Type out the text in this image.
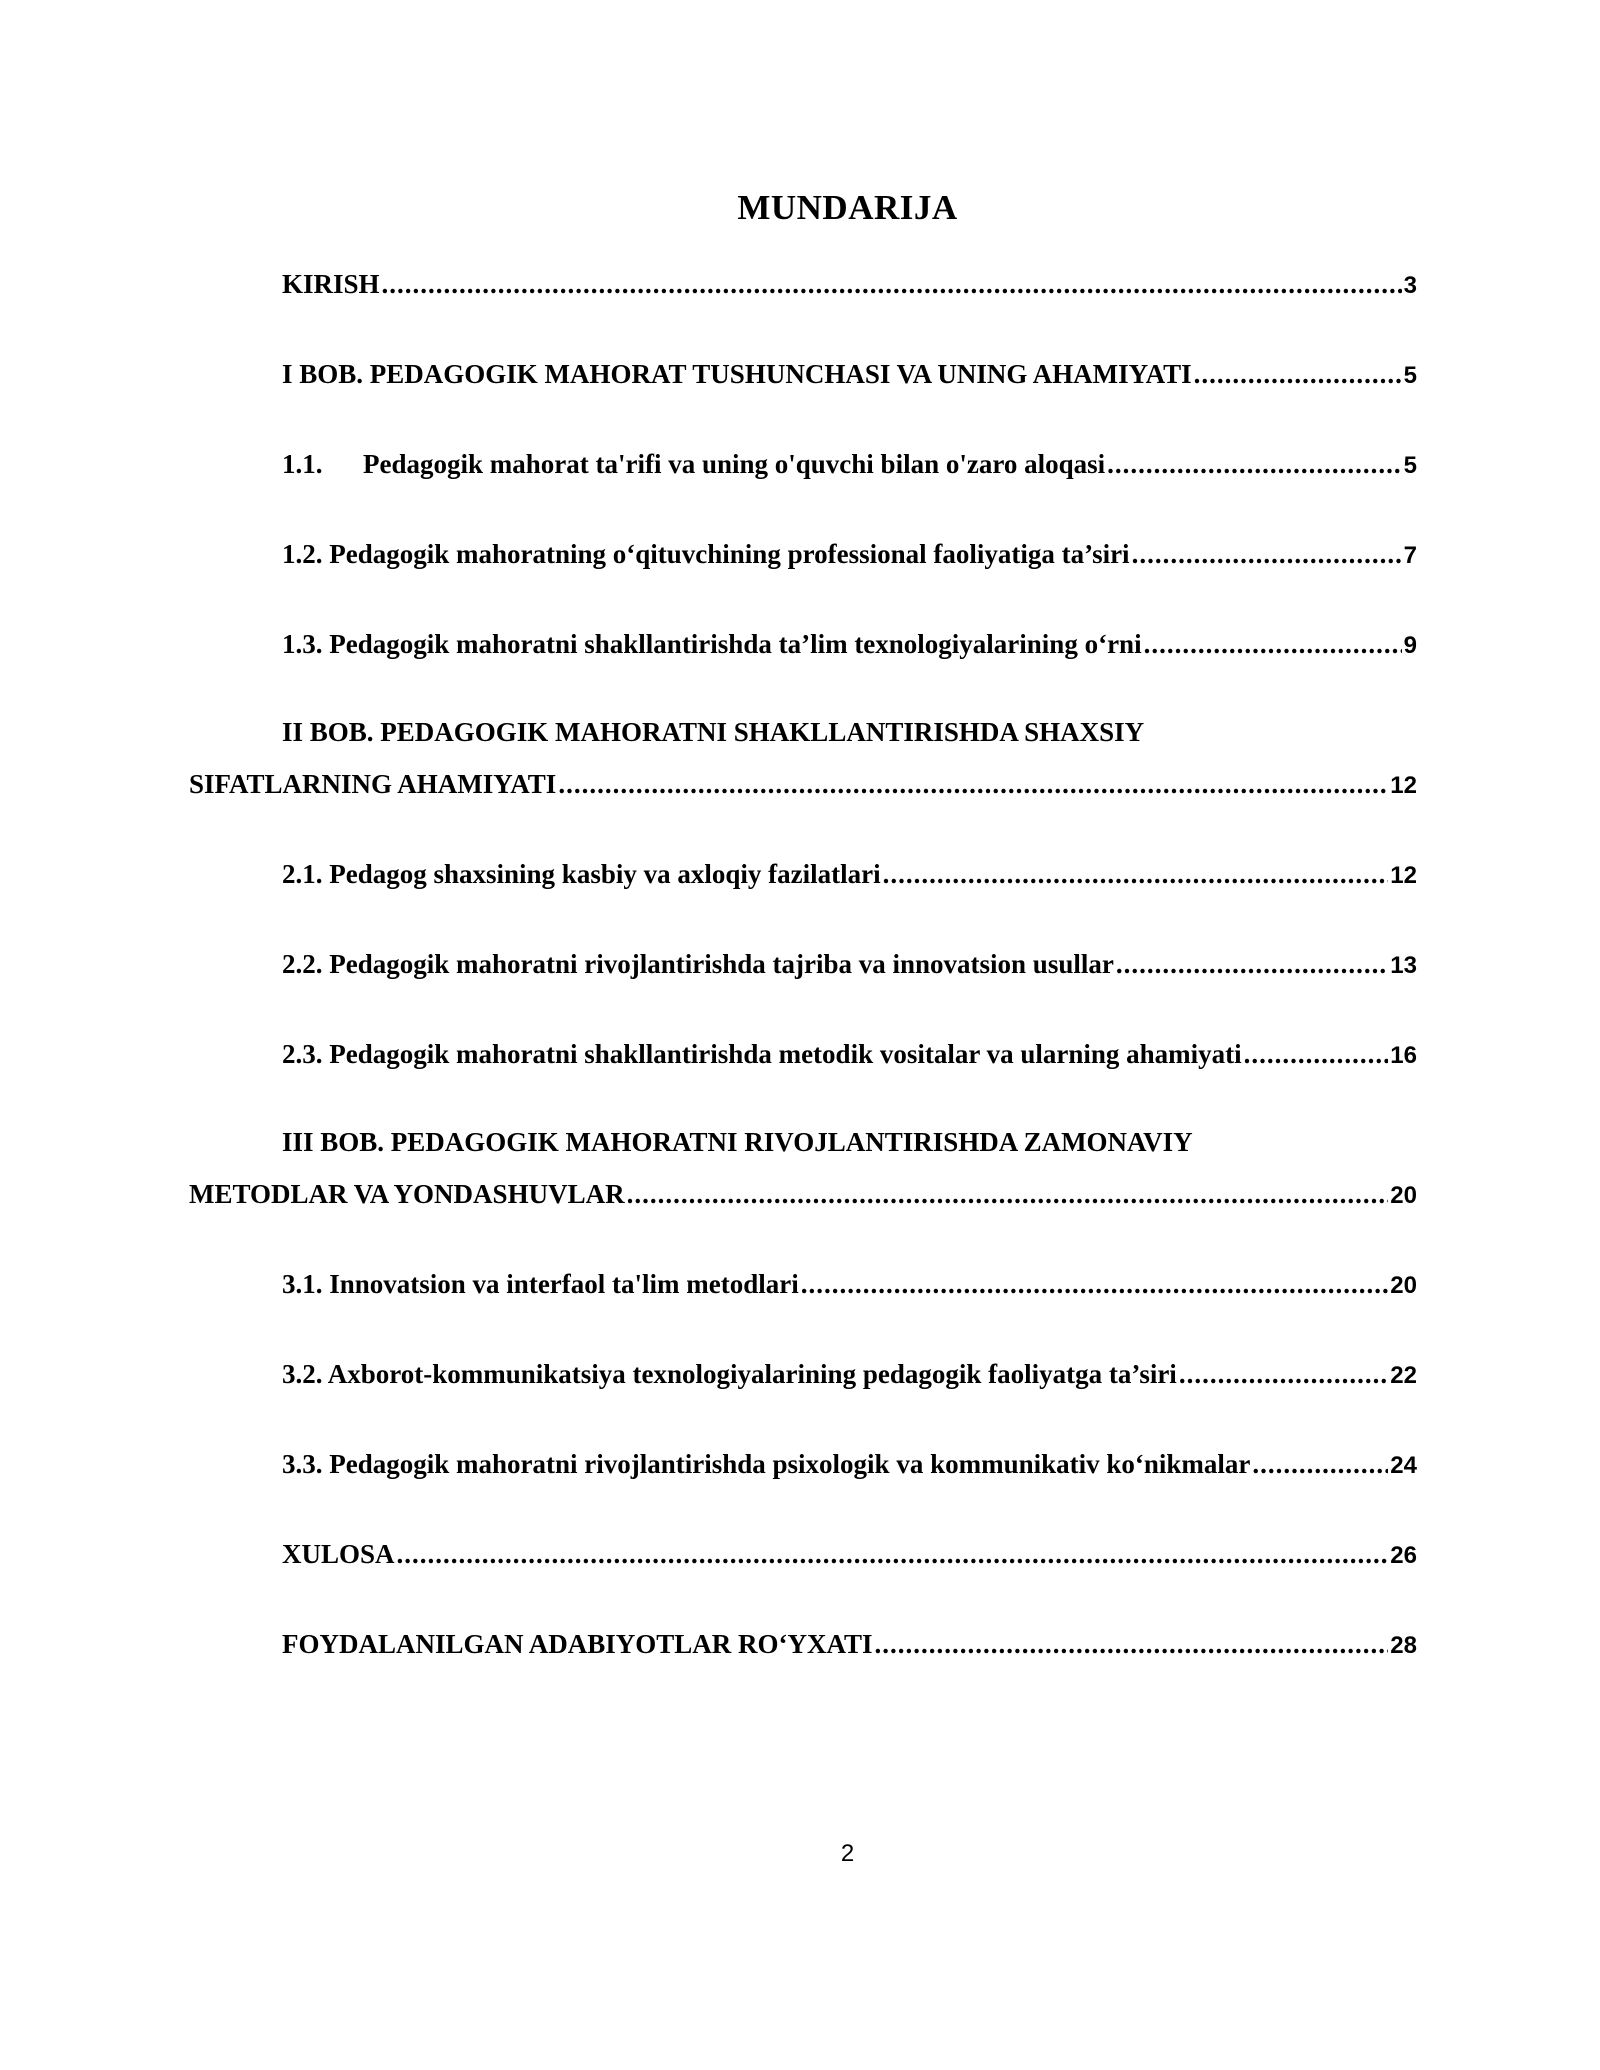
MUNDARIJA
KIRISH .....	3
I BOB. PEDAGOGIK MAHORAT TUSHUNCHASI VA UNING AHAMIYATI .....	5
1.1. Pedagogik mahorat ta'rifi va uning o'quvchi bilan o'zaro aloqasi .....	5
1.2. Pedagogik mahoratning o‘qituvchining professional faoliyatiga ta’siri .....	7
1.3. Pedagogik mahoratni shakllantirishda ta’lim texnologiyalarining o‘rni .....	9
II BOB. PEDAGOGIK MAHORATNI SHAKLLANTIRISHDA SHAXSIY
SIFATLARNING AHAMIYATI .....	12
2.1. Pedagog shaxsining kasbiy va axloqiy fazilatlari .....	12
2.2. Pedagogik mahoratni rivojlantirishda tajriba va innovatsion usullar .....	13
2.3. Pedagogik mahoratni shakllantirishda metodik vositalar va ularning ahamiyati .....	16
III BOB. PEDAGOGIK MAHORATNI RIVOJLANTIRISHDA ZAMONAVIY
METODLAR VA YONDASHUVLAR .....	20
3.1. Innovatsion va interfaol ta'lim metodlari .....	20
3.2. Axborot-kommunikatsiya texnologiyalarining pedagogik faoliyatga ta’siri .....	22
3.3. Pedagogik mahoratni rivojlantirishda psixologik va kommunikativ ko‘nikmalar .....	24
XULOSA .....	26
FOYDALANILGAN ADABIYOTLAR RO‘YXATI .....	28
2
